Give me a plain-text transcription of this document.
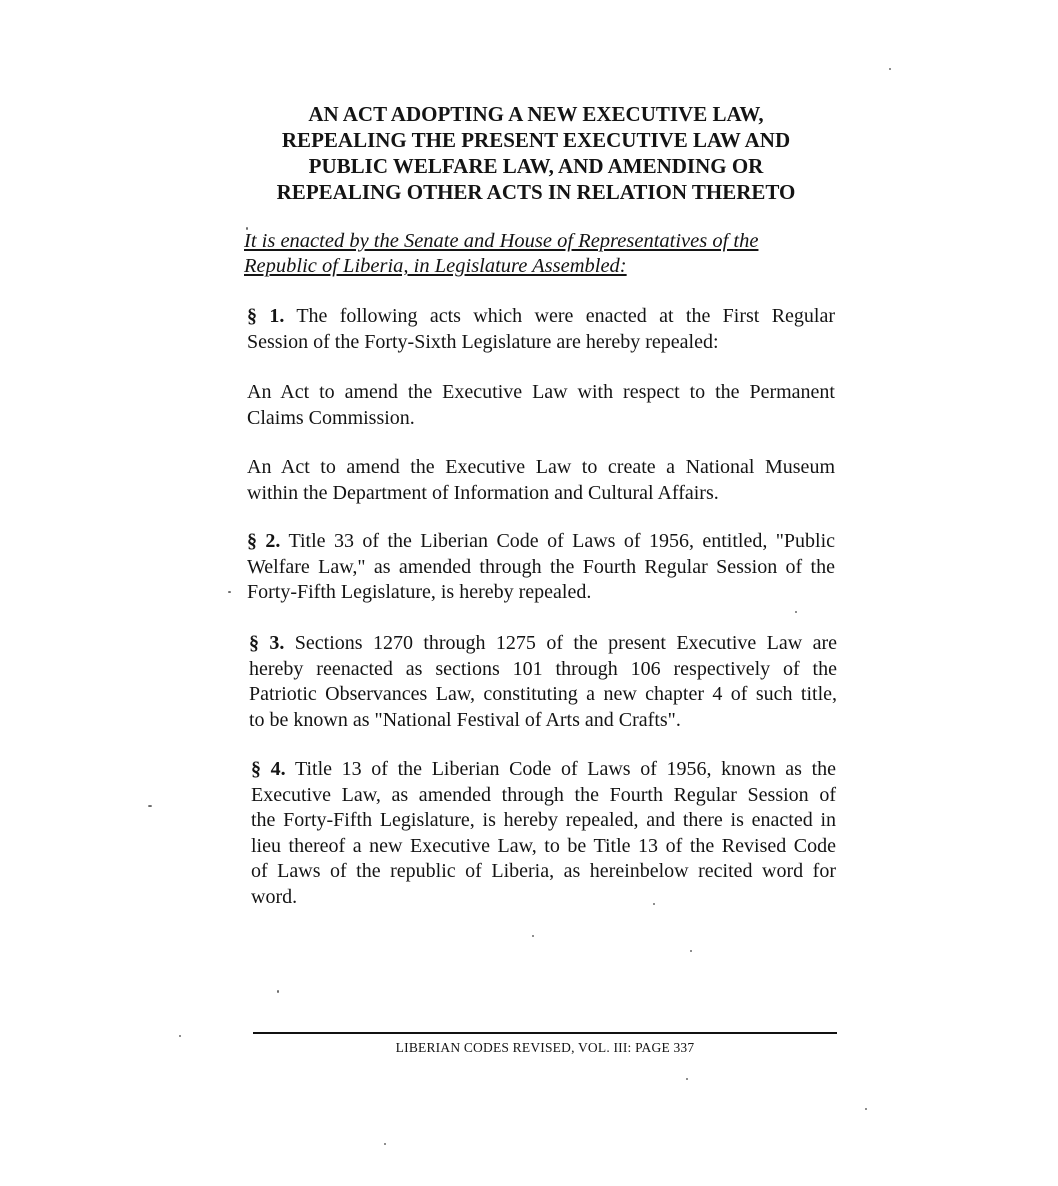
AN ACT ADOPTING A NEW EXECUTIVE LAW,
REPEALING THE PRESENT EXECUTIVE LAW AND
PUBLIC WELFARE LAW, AND AMENDING OR
REPEALING OTHER ACTS IN RELATION THERETO

It is enacted by the Senate and House of Representatives of the
Republic of Liberia, in Legislature Assembled:

§ 1. The following acts which were enacted at the First Regular
Session of the Forty-Sixth Legislature are hereby repealed:

An Act to amend the Executive Law with respect to the Permanent
Claims Commission.

An Act to amend the Executive Law to create a National Museum
within the Department of Information and Cultural Affairs.

§ 2. Title 33 of the Liberian Code of Laws of 1956, entitled, "Public
Welfare Law," as amended through the Fourth Regular Session of the
Forty-Fifth Legislature, is hereby repealed.

§ 3. Sections 1270 through 1275 of the present Executive Law are
hereby reenacted as sections 101 through 106 respectively of the
Patriotic Observances Law, constituting a new chapter 4 of such title,
to be known as "National Festival of Arts and Crafts".

§ 4. Title 13 of the Liberian Code of Laws of 1956, known as the
Executive Law, as amended through the Fourth Regular Session of
the Forty-Fifth Legislature, is hereby repealed, and there is enacted in
lieu thereof a new Executive Law, to be Title 13 of the Revised Code
of Laws of the republic of Liberia, as hereinbelow recited word for
word.

LIBERIAN CODES REVISED, VOL. III: PAGE 337
